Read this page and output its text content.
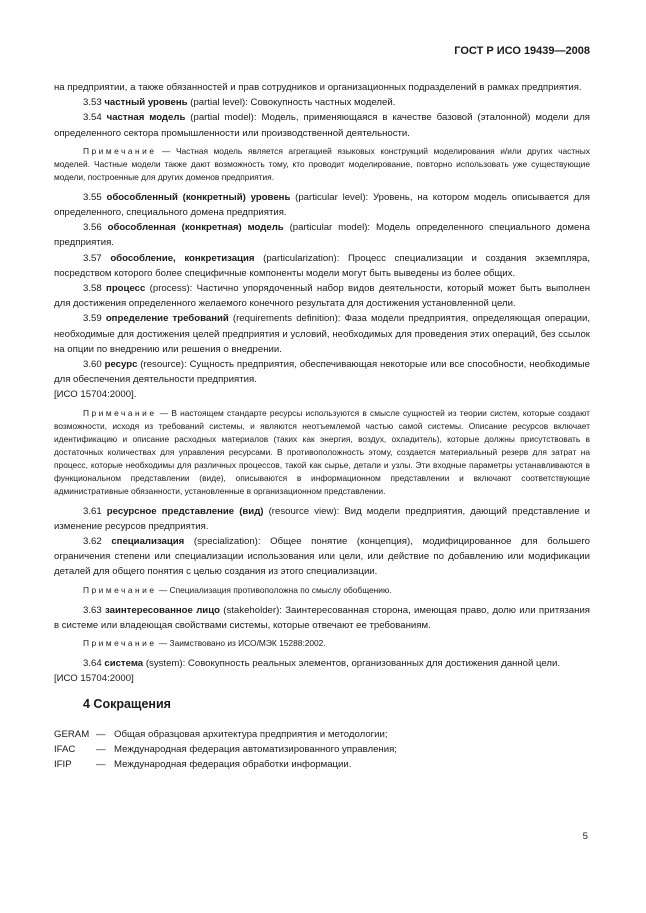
ГОСТ Р ИСО 19439—2008

на предприятии, а также обязанностей и прав сотрудников и организационных подразделений в рамках предприятия.

3.53 частный уровень (partial level): Совокупность частных моделей.

3.54 частная модель (partial model): Модель, применяющаяся в качестве базовой (эталонной) модели для определенного сектора промышленности или производственной деятельности.

Примечание — Частная модель является агрегацией языковых конструкций моделирования и/или других частных моделей. Частные модели также дают возможность тому, кто проводит моделирование, повторно использовать уже существующие модели, построенные для других доменов предприятия.

3.55 обособленный (конкретный) уровень (particular level): Уровень, на котором модель описывается для определенного, специального домена предприятия.

3.56 обособленная (конкретная) модель (particular model): Модель определенного специального домена предприятия.

3.57 обособление, конкретизация (particularization): Процесс специализации и создания экземпляра, посредством которого более специфичные компоненты модели могут быть выведены из более общих.

3.58 процесс (process): Частично упорядоченный набор видов деятельности, который может быть выполнен для достижения определенного желаемого конечного результата для достижения установленной цели.

3.59 определение требований (requirements definition): Фаза модели предприятия, определяющая операции, необходимые для достижения целей предприятия и условий, необходимых для проведения этих операций, без ссылок на опции по внедрению или решения о внедрении.

3.60 ресурс (resource): Сущность предприятия, обеспечивающая некоторые или все способности, необходимые для обеспечения деятельности предприятия.

[ИСО 15704:2000].

Примечание — В настоящем стандарте ресурсы используются в смысле сущностей из теории систем, которые создают возможности, исходя из требований системы, и являются неотъемлемой частью самой системы. Описание ресурсов включает идентификацию и описание расходных материалов (таких как энергия, воздух, охладитель), которые должны присутствовать в достаточных количествах для управления ресурсами. В противоположность этому, создается материальный резерв для затрат на процесс, которые необходимы для различных процессов, такой как сырье, детали и узлы. Эти входные параметры устанавливаются в функциональном представлении (виде), описываются в информационном представлении и включают соответствующие административные обязанности, установленные в организационном представлении.

3.61 ресурсное представление (вид) (resource view): Вид модели предприятия, дающий представление и изменение ресурсов предприятия.

3.62 специализация (specialization): Общее понятие (концепция), модифицированное для большего ограничения степени или специализации использования или цели, или действие по добавлению или модификации деталей для общего понятия с целью создания из этого специализации.

Примечание — Специализация противоположна по смыслу обобщению.

3.63 заинтересованное лицо (stakeholder): Заинтересованная сторона, имеющая право, долю или притязания в системе или владеющая свойствами системы, которые отвечают ее требованиям.

Примечание — Заимствовано из ИСО/МЭК 15288:2002.

3.64 система (system): Совокупность реальных элементов, организованных для достижения данной цели.

[ИСО 15704:2000]

4 Сокращения
GERAM — Общая образцовая архитектура предприятия и методологии;
IFAC	— Международная федерация автоматизированного управления;
IFIP	— Международная федерация обработки информации.
5
